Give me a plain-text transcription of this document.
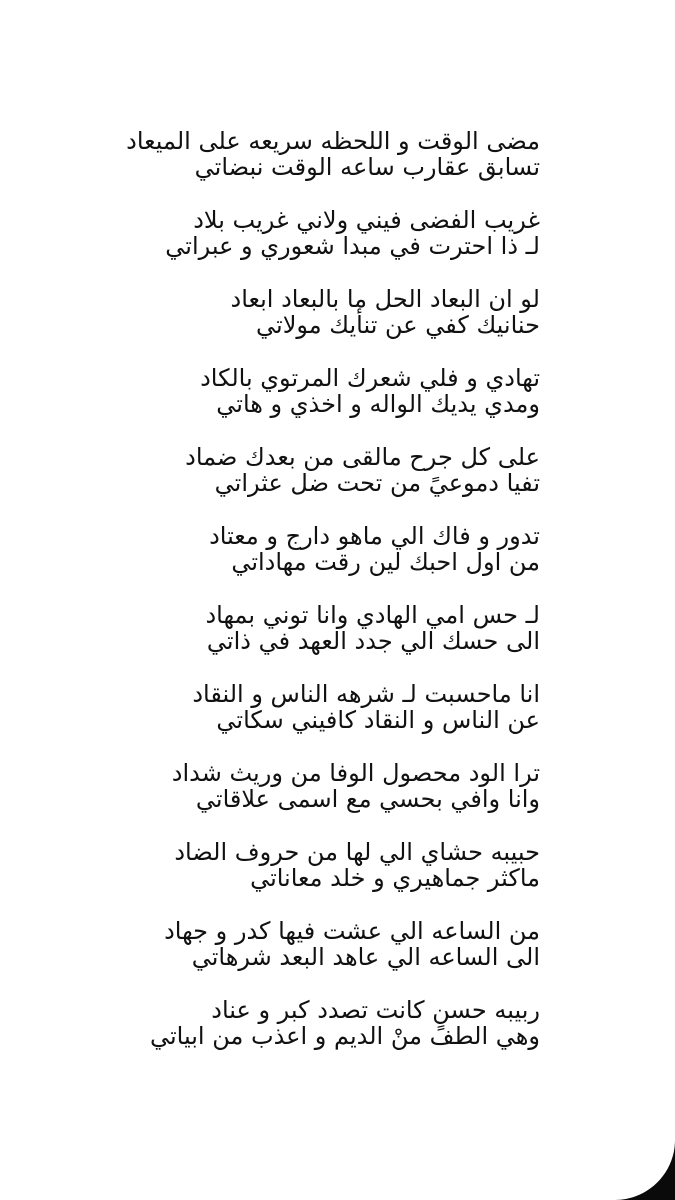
مضى الوقت و اللحظه سريعه على الميعاد
تسابق عقارب ساعه الوقت نبضاتي
غريب الفضى فيني ولاني غريب بلاد
لـ ذا احترت في مبدا شعوري و عبراتي
لو ان البعاد الحل ما بالبعاد ابعاد
حنانيك كفي عن تنأيك مولاتي
تهادي و فلي شعرك المرتوي بالكاد
ومدي يديك الواله و اخذي و هاتي
على كل جرح مالقى من بعدك ضماد
تفيا دموعيً من تحت ضل عثراتي
تدور و فاك الي ماهو دارج و معتاد
من اول احبك لين رقت مهاداتي
لـ حس امي الهادي وانا توني بمهاد
الى حسك الي جدد العهد في ذاتي
انا ماحسبت لـ شرهه الناس و النقاد
عن الناس و النقاد كافيني سكاتي
ترا الود محصول الوفا من وريث شداد
وانا وافي بحسي مع اسمى علاقاتي
حبيبه حشاي الي لها من حروف الضاد
ماكثر جماهيري و خلد معاناتي
من الساعه الي عشت فيها كدر و جهاد
الى الساعه الي عاهد البعد شرهاتي
ربيبه حسنٍ كانت تصدد كبر و عناد
وهي الطف منْ الديم و اعذب من ابياتي
